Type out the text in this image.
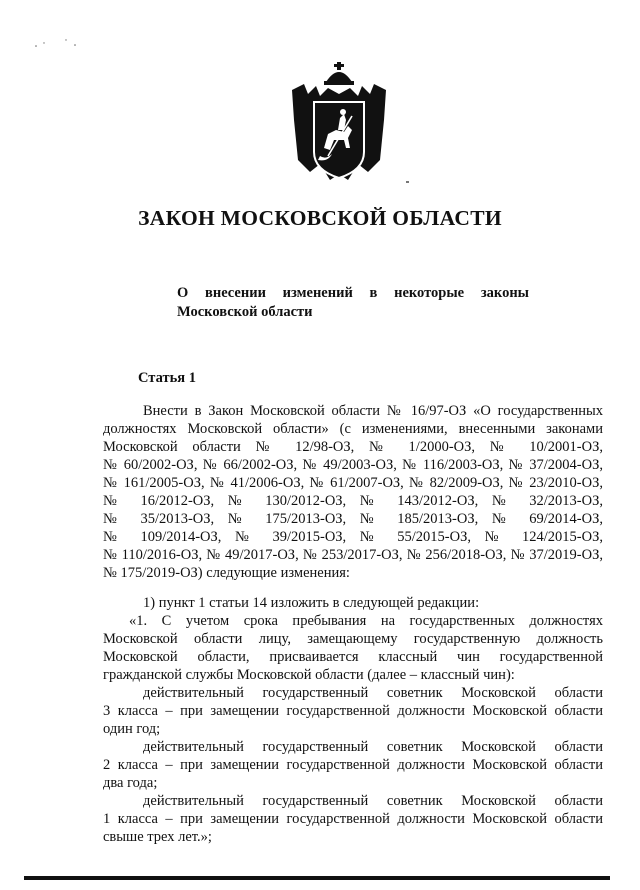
ЗАКОН МОСКОВСКОЙ ОБЛАСТИ
О внесении изменений в некоторые законы
Московской области
Статья 1
Внести в Закон Московской области № 16/97-ОЗ «О государственных
должностях Московской области» (с изменениями, внесенными законами
Московской области № 12/98-ОЗ, № 1/2000-ОЗ, № 10/2001-ОЗ,
№ 60/2002-ОЗ, № 66/2002-ОЗ, № 49/2003-ОЗ, № 116/2003-ОЗ, № 37/2004-ОЗ,
№ 161/2005-ОЗ, № 41/2006-ОЗ, № 61/2007-ОЗ, № 82/2009-ОЗ, № 23/2010-ОЗ,
№ 16/2012-ОЗ, № 130/2012-ОЗ, № 143/2012-ОЗ, № 32/2013-ОЗ,
№ 35/2013-ОЗ, № 175/2013-ОЗ, № 185/2013-ОЗ, № 69/2014-ОЗ,
№ 109/2014-ОЗ, № 39/2015-ОЗ, № 55/2015-ОЗ, № 124/2015-ОЗ,
№ 110/2016-ОЗ, № 49/2017-ОЗ, № 253/2017-ОЗ, № 256/2018-ОЗ, № 37/2019-ОЗ,
№ 175/2019-ОЗ) следующие изменения:
1) пункт 1 статьи 14 изложить в следующей редакции:
«1. С учетом срока пребывания на государственных должностях
Московской области лицу, замещающему государственную должность
Московской области, присваивается классный чин государственной
гражданской службы Московской области (далее – классный чин):
действительный государственный советник Московской области
3 класса – при замещении государственной должности Московской области
один год;
действительный государственный советник Московской области
2 класса – при замещении государственной должности Московской области
два года;
действительный государственный советник Московской области
1 класса – при замещении государственной должности Московской области
свыше трех лет.»;
